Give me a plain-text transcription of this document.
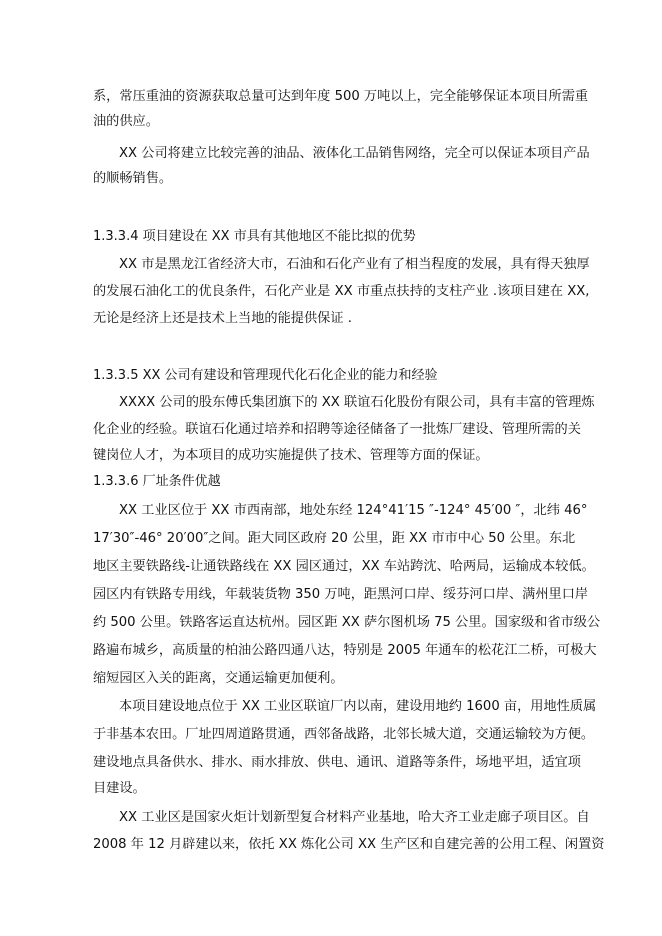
系，常压重油的资源获取总量可达到年度 500 万吨以上，完全能够保证本项目所需重

油的供应。

XX 公司将建立比较完善的油品、液体化工品销售网络，完全可以保证本项目产品

的顺畅销售。

1.3.3.4 项目建设在 XX 市具有其他地区不能比拟的优势

XX 市是黑龙江省经济大市，石油和石化产业有了相当程度的发展，具有得天独厚

的发展石油化工的优良条件，石化产业是 XX 市重点扶持的支柱产业 .该项目建在 XX,

无论是经济上还是技术上当地的能提供保证 .

1.3.3.5 XX 公司有建设和管理现代化石化企业的能力和经验

XXXX 公司的股东傅氏集团旗下的 XX 联谊石化股份有限公司，具有丰富的管理炼

化企业的经验。联谊石化通过培养和招聘等途径储备了一批炼厂建设、管理所需的关

键岗位人才，为本项目的成功实施提供了技术、管理等方面的保证。

1.3.3.6 厂址条件优越

XX 工业区位于 XX 市西南部，地处东经 124°41′15 ″-124° 45′00 ″，北纬 46°

17′30″-46° 20′00″之间。距大同区政府 20 公里，距 XX 市市中心 50 公里。东北

地区主要铁路线-让通铁路线在 XX 园区通过，XX 车站跨沈、哈两局，运输成本较低。

园区内有铁路专用线，年载装货物 350 万吨，距黑河口岸、绥芬河口岸、满州里口岸

约 500 公里。铁路客运直达杭州。园区距 XX 萨尔图机场 75 公里。国家级和省市级公

路遍布城乡，高质量的柏油公路四通八达，特别是 2005 年通车的松花江二桥，可极大

缩短园区入关的距离，交通运输更加便利。

本项目建设地点位于 XX 工业区联谊厂内以南，建设用地约 1600 亩，用地性质属

于非基本农田。厂址四周道路贯通，西邻备战路，北邻长城大道，交通运输较为方便。

建设地点具备供水、排水、雨水排放、供电、通讯、道路等条件，场地平坦，适宜项

目建设。

XX 工业区是国家火炬计划新型复合材料产业基地，哈大齐工业走廊子项目区。自

2008 年 12 月辟建以来，依托 XX 炼化公司 XX 生产区和自建完善的公用工程、闲置资
